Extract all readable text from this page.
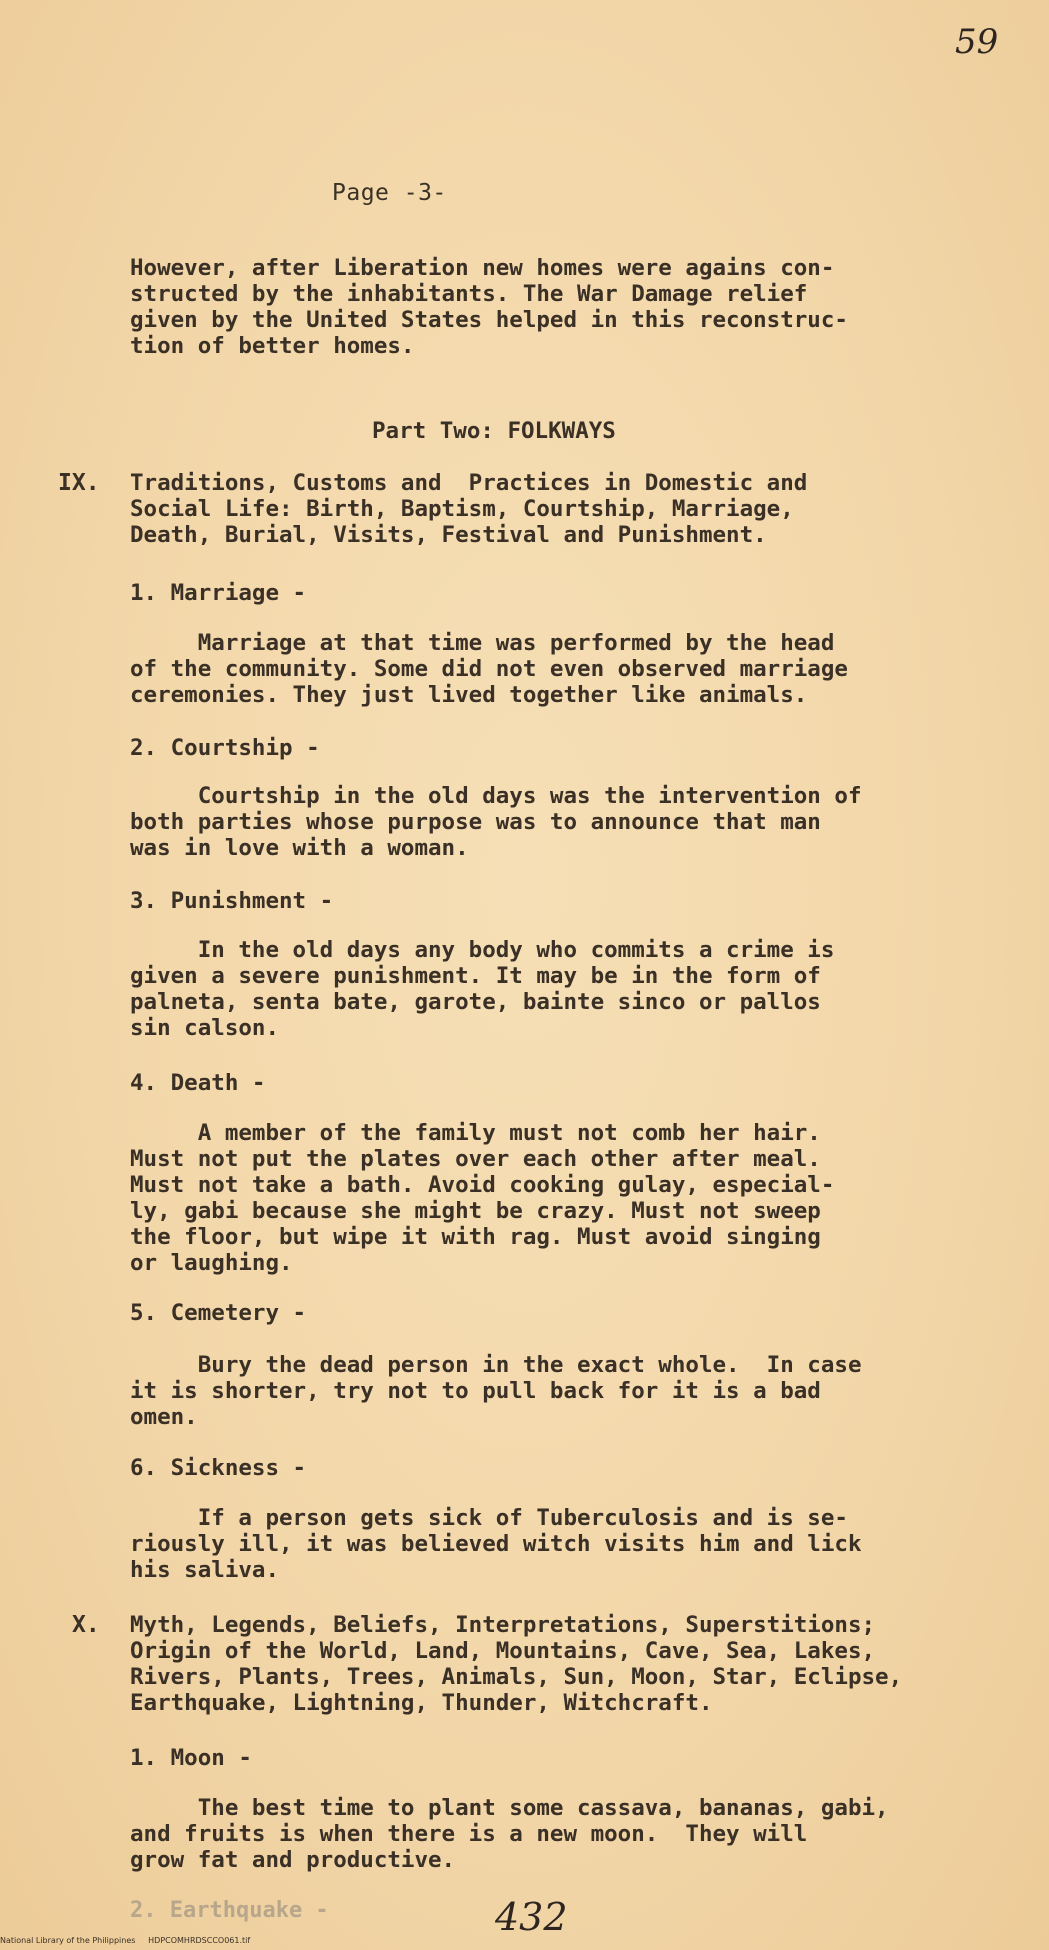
59
Page -3-
However, after Liberation new homes were agains con-
structed by the inhabitants. The War Damage relief
given by the United States helped in this reconstruc-
tion of better homes.
Part Two: FOLKWAYS
IX. Traditions, Customs and  Practices in Domestic and
Social Life: Birth, Baptism, Courtship, Marriage,
Death, Burial, Visits, Festival and Punishment.
1. Marriage -
Marriage at that time was performed by the head
of the community. Some did not even observed marriage
ceremonies. They just lived together like animals.
2. Courtship -
Courtship in the old days was the intervention of
both parties whose purpose was to announce that man
was in love with a woman.
3. Punishment -
In the old days any body who commits a crime is
given a severe punishment. It may be in the form of
palneta, senta bate, garote, bainte sinco or pallos
sin calson.
4. Death -
A member of the family must not comb her hair.
Must not put the plates over each other after meal.
Must not take a bath. Avoid cooking gulay, especial-
ly, gabi because she might be crazy. Must not sweep
the floor, but wipe it with rag. Must avoid singing
or laughing.
5. Cemetery -
Bury the dead person in the exact whole.  In case
it is shorter, try not to pull back for it is a bad
omen.
6. Sickness -
If a person gets sick of Tuberculosis and is se-
riously ill, it was believed witch visits him and lick
his saliva.
X. Myth, Legends, Beliefs, Interpretations, Superstitions;
Origin of the World, Land, Mountains, Cave, Sea, Lakes,
Rivers, Plants, Trees, Animals, Sun, Moon, Star, Eclipse,
Earthquake, Lightning, Thunder, Witchcraft.
1. Moon -
The best time to plant some cassava, bananas, gabi,
and fruits is when there is a new moon.  They will
grow fat and productive.
2. Earthquake -	432
National Library of the Philippines     HDPCOMHRDSCCO061.tif
